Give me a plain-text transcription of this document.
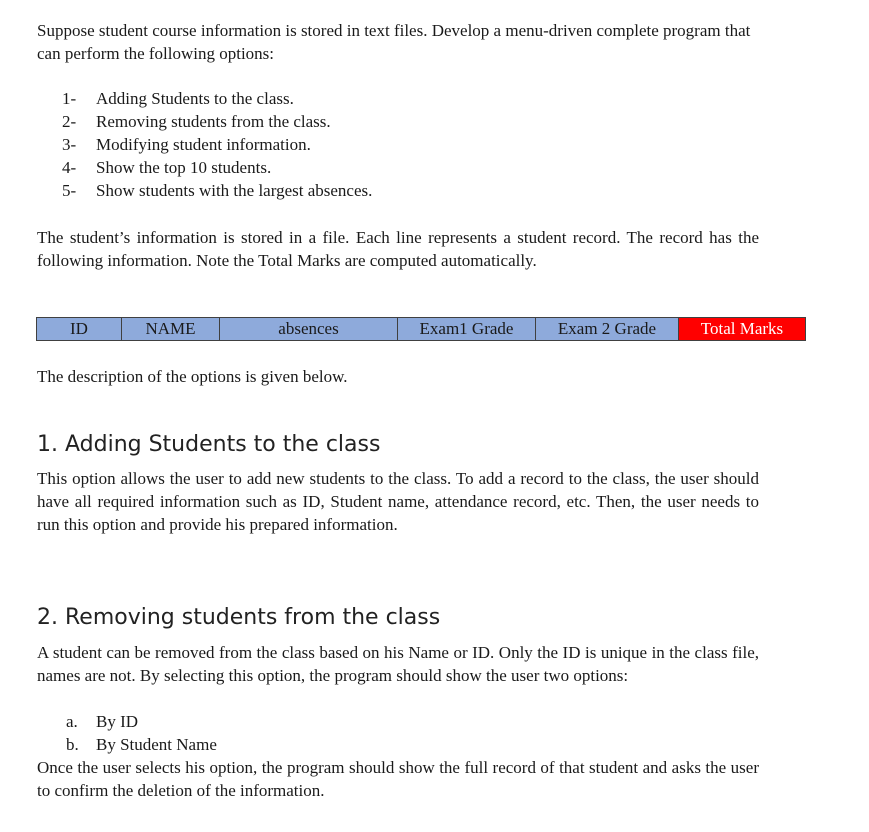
Suppose student course information is stored in text files. Develop a menu-driven complete program that can perform the following options:

1-	Adding Students to the class.
2-	Removing students from the class.
3-	Modifying student information.
4-	Show the top 10 students.
5-	Show students with the largest absences.

The student’s information is stored in a file. Each line represents a student record. The record has the following information. Note the Total Marks are computed automatically.

ID	NAME	absences	Exam1 Grade	Exam 2 Grade	Total Marks

The description of the options is given below.

1. Adding Students to the class

This option allows the user to add new students to the class. To add a record to the class, the user should have all required information such as ID, Student name, attendance record, etc. Then, the user needs to run this option and provide his prepared information.

2. Removing students from the class

A student can be removed from the class based on his Name or ID. Only the ID is unique in the class file, names are not. By selecting this option, the program should show the user two options:

a. By ID
b. By Student Name

Once the user selects his option, the program should show the full record of that student and asks the user to confirm the deletion of the information.
